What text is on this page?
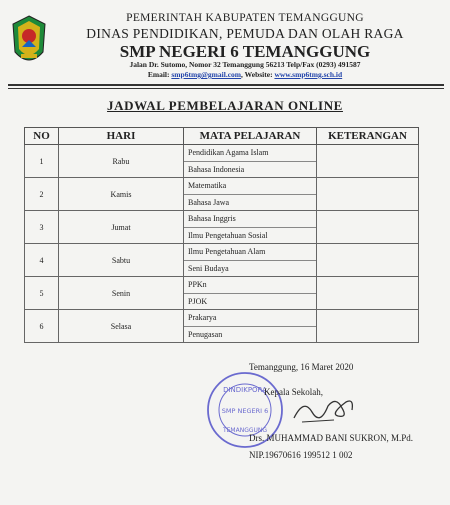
PEMERINTAH KABUPATEN TEMANGGUNG
DINAS PENDIDIKAN, PEMUDA DAN OLAH RAGA
SMP NEGERI 6 TEMANGGUNG
Jalan Dr. Sutomo, Nomor 32 Temanggung 56213 Telp/Fax (0293) 491587
Email: smp6tmg@gmail.com, Website: www.smp6tmg.sch.id
JADWAL PEMBELAJARAN ONLINE
NO	HARI	MATA PELAJARAN	KETERANGAN
1	Rabu	Pendidikan Agama Islam
Bahasa Indonesia	

2	Kamis	Matematika
Bahasa Jawa	

3	Jumat	Bahasa Inggris
Ilmu Pengetahuan Sosial	

4	Sabtu	Ilmu Pengetahuan Alam
Seni Budaya	

5	Senin	PPKn
PJOK	

6	Selasa	Prakarya
Penugasan	

DINDIKPORA
SMP NEGERI 6
TEMANGGUNG
Temanggung, 16 Maret 2020
Kepala Sekolah,
Drs. MUHAMMAD BANI SUKRON, M.Pd.
NIP.19670616 199512 1 002
